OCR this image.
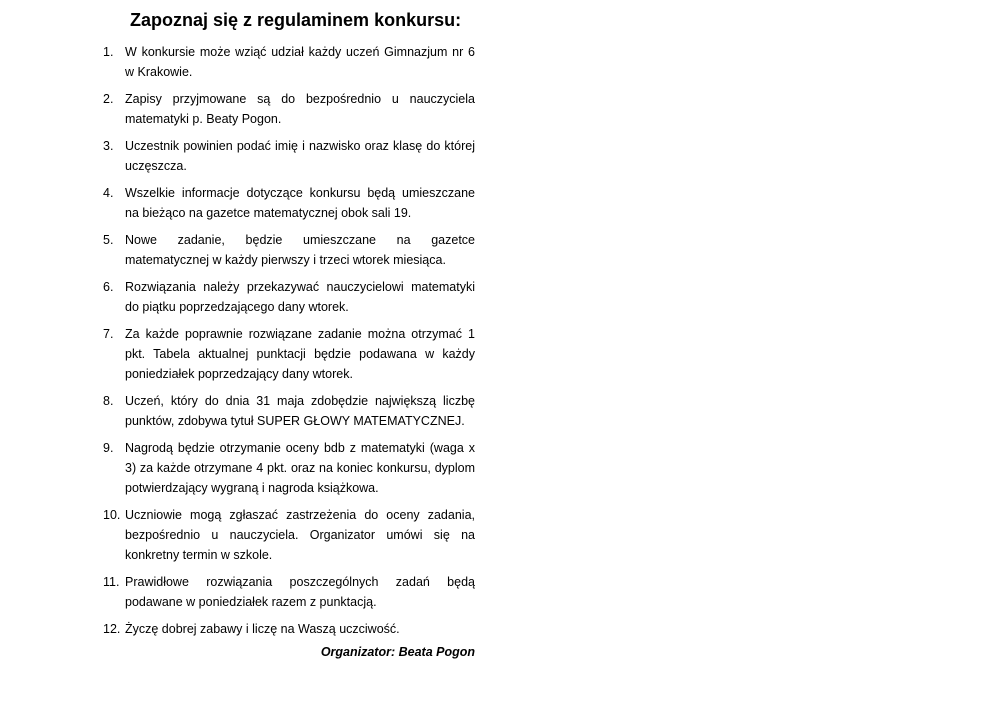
Zapoznaj się z regulaminem konkursu:
1. W konkursie może wziąć udział każdy uczeń Gimnazjum nr 6 w Krakowie.
2. Zapisy przyjmowane są do bezpośrednio u nauczyciela matematyki p. Beaty Pogon.
3. Uczestnik powinien podać imię i nazwisko oraz klasę do której uczęszcza.
4. Wszelkie informacje dotyczące konkursu będą umieszczane na bieżąco na gazetce matematycznej obok sali 19.
5. Nowe zadanie, będzie umieszczane na gazetce matematycznej w każdy pierwszy i trzeci wtorek miesiąca.
6. Rozwiązania należy przekazywać nauczycielowi matematyki do piątku poprzedzającego dany wtorek.
7. Za każde poprawnie rozwiązane zadanie można otrzymać 1 pkt. Tabela aktualnej punktacji będzie podawana w każdy poniedziałek poprzedzający dany wtorek.
8. Uczeń, który do dnia 31 maja zdobędzie największą liczbę punktów, zdobywa tytuł SUPER GŁOWY MATEMATYCZNEJ.
9. Nagrodą będzie otrzymanie oceny bdb z matematyki (waga x 3) za każde otrzymane 4 pkt. oraz na koniec konkursu, dyplom potwierdzający wygraną i nagroda książkowa.
10. Uczniowie mogą zgłaszać zastrzeżenia do oceny zadania, bezpośrednio u nauczyciela. Organizator umówi się na konkretny termin w szkole.
11. Prawidłowe rozwiązania poszczególnych zadań będą podawane w poniedziałek razem z punktacją.
12. Życzę dobrej zabawy i liczę na Waszą uczciwość.
Organizator: Beata Pogon
